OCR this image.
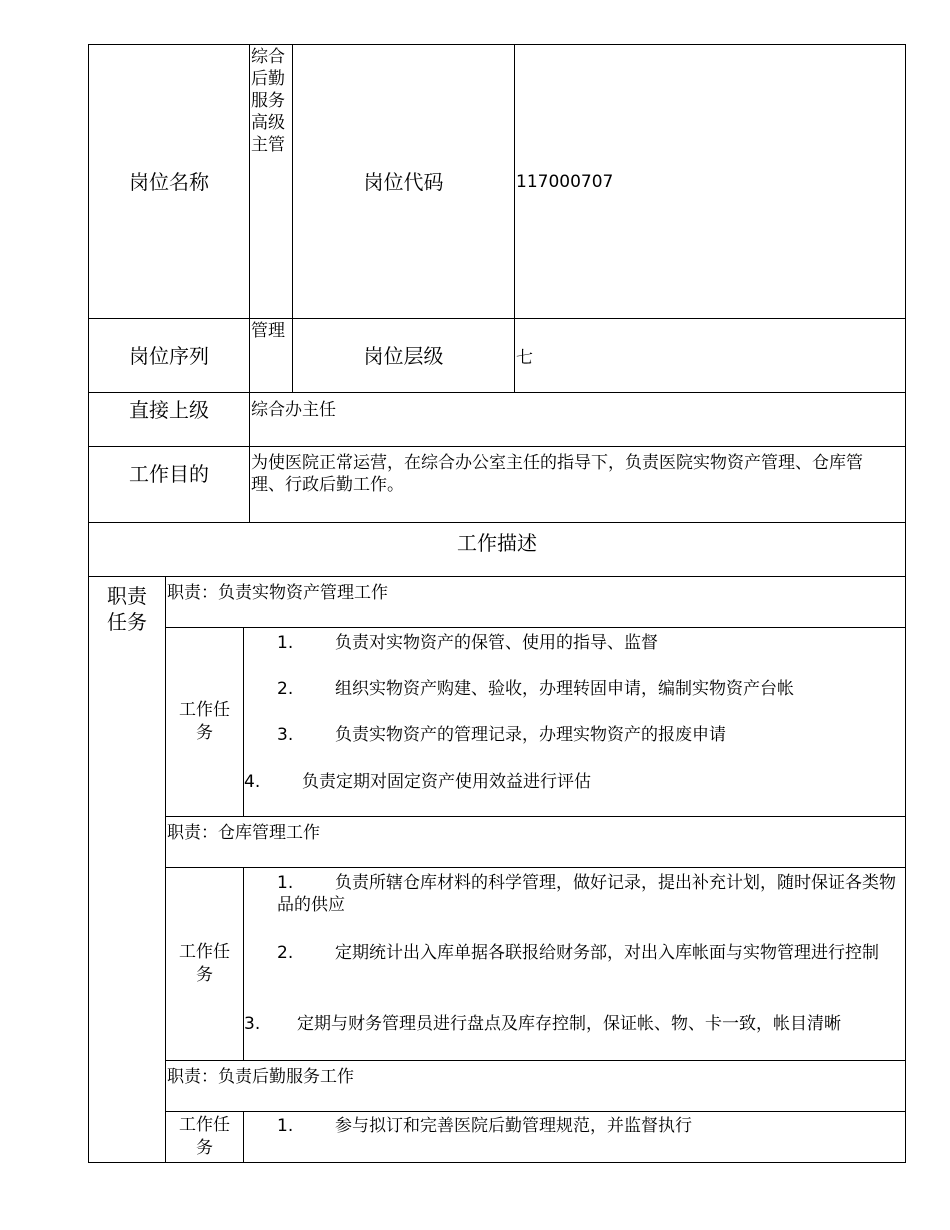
岗位名称
综合后勤服务高级主管
岗位代码	117000707
岗位序列
管理
岗位层级	七
直接上级 综合办主任
工作目的 为使医院正常运营，在综合办公室主任的指导下，负责医院实物资产管理、仓库管理、行政后勤工作。
工作描述
职责任务
职责：负责实物资产管理工作
工作任务
1. 负责对实物资产的保管、使用的指导、监督
2. 组织实物资产购建、验收，办理转固申请，编制实物资产台帐
3. 负责实物资产的管理记录，办理实物资产的报废申请
4. 负责定期对固定资产使用效益进行评估
职责：仓库管理工作
工作任务
1. 负责所辖仓库材料的科学管理，做好记录，提出补充计划，随时保证各类物品的供应
2. 定期统计出入库单据各联报给财务部，对出入库帐面与实物管理进行控制
3. 定期与财务管理员进行盘点及库存控制，保证帐、物、卡一致，帐目清晰
职责：负责后勤服务工作
工作任务
1. 参与拟订和完善医院后勤管理规范，并监督执行
